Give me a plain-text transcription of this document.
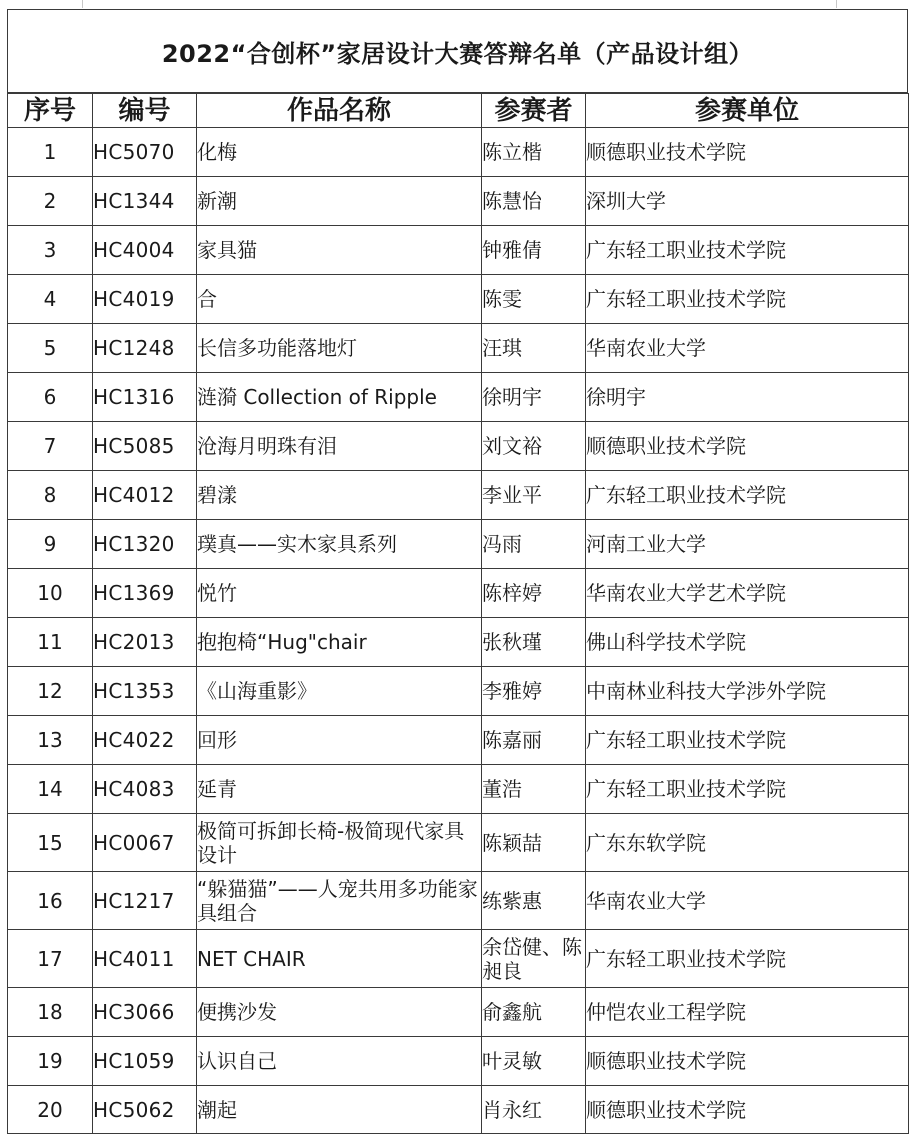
2022“合创杯”家居设计大赛答辩名单（产品设计组）
序号	编号	作品名称	参赛者	参赛单位
1	HC5070	化梅	陈立楷	顺德职业技术学院
2	HC1344	新潮	陈慧怡	深圳大学
3	HC4004	家具猫	钟雅倩	广东轻工职业技术学院
4	HC4019	合	陈雯	广东轻工职业技术学院
5	HC1248	长信多功能落地灯	汪琪	华南农业大学
6	HC1316	涟漪 Collection of Ripple	徐明宇	徐明宇
7	HC5085	沧海月明珠有泪	刘文裕	顺德职业技术学院
8	HC4012	碧漾	李业平	广东轻工职业技术学院
9	HC1320	璞真——实木家具系列	冯雨	河南工业大学
10	HC1369	悦竹	陈梓婷	华南农业大学艺术学院
11	HC2013	抱抱椅“Hug"chair	张秋瑾	佛山科学技术学院
12	HC1353	《山海重影》	李雅婷	中南林业科技大学涉外学院
13	HC4022	回形	陈嘉丽	广东轻工职业技术学院
14	HC4083	延青	董浩	广东轻工职业技术学院
15	HC0067	极简可拆卸长椅-极简现代家具设计	陈颖喆	广东东软学院
16	HC1217	“躲猫猫”——人宠共用多功能家具组合	练紫惠	华南农业大学
17	HC4011	NET CHAIR	余岱健、陈昶良	广东轻工职业技术学院
18	HC3066	便携沙发	俞鑫航	仲恺农业工程学院
19	HC1059	认识自己	叶灵敏	顺德职业技术学院
20	HC5062	潮起	肖永红	顺德职业技术学院
